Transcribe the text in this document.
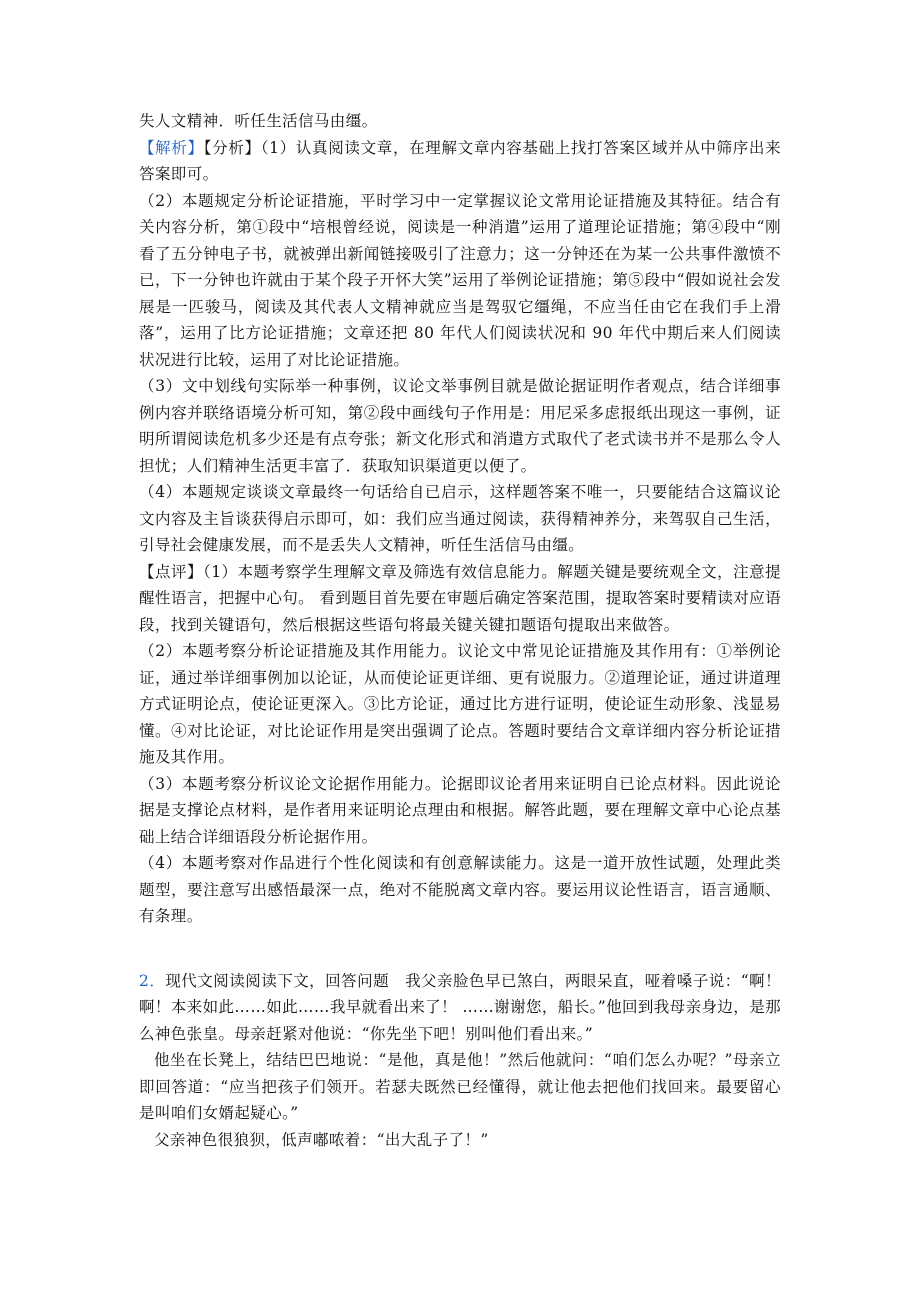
失人文精神．听任生活信马由缰。

【解析】【分析】（1）认真阅读文章，在理解文章内容基础上找打答案区域并从中筛序出来答案即可。

（2）本题规定分析论证措施，平时学习中一定掌握议论文常用论证措施及其特征。结合有关内容分析，第①段中“培根曾经说，阅读是一种消遣”运用了道理论证措施；第④段中“刚看了五分钟电子书，就被弹出新闻链接吸引了注意力；这一分钟还在为某一公共事件激愤不已，下一分钟也许就由于某个段子开怀大笑”运用了举例论证措施；第⑤段中“假如说社会发展是一匹骏马，阅读及其代表人文精神就应当是驾驭它缰绳，不应当任由它在我们手上滑落”，运用了比方论证措施；文章还把 80 年代人们阅读状况和 90 年代中期后来人们阅读状况进行比较，运用了对比论证措施。

（3）文中划线句实际举一种事例，议论文举事例目就是做论据证明作者观点，结合详细事例内容并联络语境分析可知，第②段中画线句子作用是：用尼采多虑报纸出现这一事例，证明所谓阅读危机多少还是有点夸张；新文化形式和消遣方式取代了老式读书并不是那么令人担忧；人们精神生活更丰富了．获取知识渠道更以便了。

（4）本题规定谈谈文章最终一句话给自已启示，这样题答案不唯一，只要能结合这篇议论文内容及主旨谈获得启示即可，如：我们应当通过阅读，获得精神养分，来驾驭自己生活，引导社会健康发展，而不是丢失人文精神，听任生活信马由缰。

【点评】（1）本题考察学生理解文章及筛选有效信息能力。解题关键是要统观全文，注意提醒性语言，把握中心句。 看到题目首先要在审题后确定答案范围，提取答案时要精读对应语段，找到关键语句，然后根据这些语句将最关键关键扣题语句提取出来做答。

（2）本题考察分析论证措施及其作用能力。议论文中常见论证措施及其作用有：①举例论证，通过举详细事例加以论证，从而使论证更详细、更有说服力。②道理论证，通过讲道理方式证明论点，使论证更深入。③比方论证，通过比方进行证明，使论证生动形象、浅显易懂。④对比论证，对比论证作用是突出强调了论点。答题时要结合文章详细内容分析论证措施及其作用。

（3）本题考察分析议论文论据作用能力。论据即议论者用来证明自已论点材料。因此说论据是支撑论点材料，是作者用来证明论点理由和根据。解答此题，要在理解文章中心论点基础上结合详细语段分析论据作用。

（4）本题考察对作品进行个性化阅读和有创意解读能力。这是一道开放性试题，处理此类题型，要注意写出感悟最深一点，绝对不能脱离文章内容。要运用议论性语言，语言通顺、有条理。

2．现代文阅读阅读下文，回答问题　我父亲脸色早已煞白，两眼呆直，哑着嗓子说：“啊！啊！本来如此……如此……我早就看出来了！ ……谢谢您，船长。”他回到我母亲身边，是那么神色张皇。母亲赶紧对他说：“你先坐下吧！别叫他们看出来。”

他坐在长凳上，结结巴巴地说：“是他，真是他！”然后他就问：“咱们怎么办呢？”母亲立即回答道：“应当把孩子们领开。若瑟夫既然已经懂得，就让他去把他们找回来。最要留心是叫咱们女婿起疑心。”

父亲神色很狼狈，低声嘟哝着：“出大乱子了！”
